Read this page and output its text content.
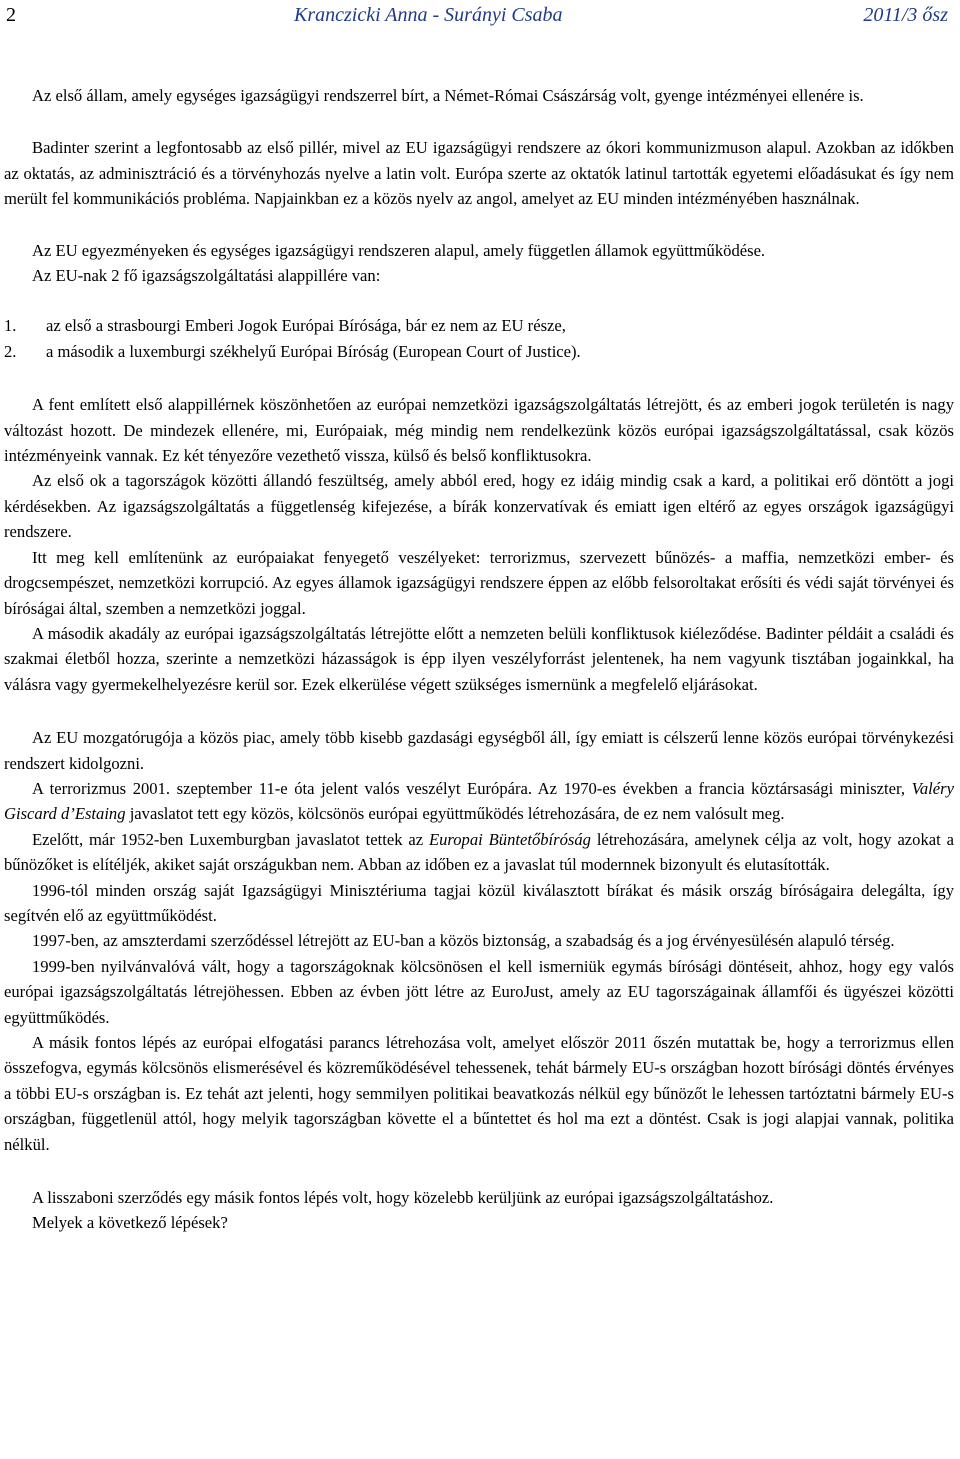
2	Kranczicki Anna - Surányi Csaba	2011/3 ősz

Az első állam, amely egységes igazságügyi rendszerrel bírt, a Német-Római Császárság volt, gyenge intézményei ellenére is.

Badinter szerint a legfontosabb az első pillér, mivel az EU igazságügyi rendszere az ókori kommunizmuson alapul. Azokban az időkben az oktatás, az adminisztráció és a törvényhozás nyelve a latin volt. Európa szerte az oktatók latinul tartották egyetemi előadásukat és így nem merült fel kommunikációs probléma. Napjainkban ez a közös nyelv az angol, amelyet az EU minden intézményében használnak.

Az EU egyezményeken és egységes igazságügyi rendszeren alapul, amely független államok együttműködése.

Az EU-nak 2 fő igazságszolgáltatási alappillére van:

1. az első a strasbourgi Emberi Jogok Európai Bírósága, bár ez nem az EU része,
2. a második a luxemburgi székhelyű Európai Bíróság (European Court of Justice).

A fent említett első alappillérnek köszönhetően az európai nemzetközi igazságszolgáltatás létrejött, és az emberi jogok területén is nagy változást hozott. De mindezek ellenére, mi, Európaiak, még mindig nem rendelkezünk közös európai igazságszolgáltatással, csak közös intézményeink vannak. Ez két tényezőre vezethető vissza, külső és belső konfliktusokra.

Az első ok a tagországok közötti állandó feszültség, amely abból ered, hogy ez idáig mindig csak a kard, a politikai erő döntött a jogi kérdésekben. Az igazságszolgáltatás a függetlenség kifejezése, a bírák konzervatívak és emiatt igen eltérő az egyes országok igazságügyi rendszere.

Itt meg kell említenünk az európaiakat fenyegető veszélyeket: terrorizmus, szervezett bűnözés- a maffia, nemzetközi ember- és drogcsempészet, nemzetközi korrupció. Az egyes államok igazságügyi rendszere éppen az előbb felsoroltakat erősíti és védi saját törvényei és bíróságai által, szemben a nemzetközi joggal.

A második akadály az európai igazságszolgáltatás létrejötte előtt a nemzeten belüli konfliktusok kiéleződése. Badinter példáit a családi és szakmai életből hozza, szerinte a nemzetközi házasságok is épp ilyen veszélyforrást jelentenek, ha nem vagyunk tisztában jogainkkal, ha válásra vagy gyermekelhelyezésre kerül sor. Ezek elkerülése végett szükséges ismernünk a megfelelő eljárásokat.

Az EU mozgatórugója a közös piac, amely több kisebb gazdasági egységből áll, így emiatt is célszerű lenne közös európai törvénykezési rendszert kidolgozni.

A terrorizmus 2001. szeptember 11-e óta jelent valós veszélyt Európára. Az 1970-es években a francia köztársasági miniszter, Valéry Giscard d’Estaing javaslatot tett egy közös, kölcsönös európai együttműködés létrehozására, de ez nem valósult meg.

Ezelőtt, már 1952-ben Luxemburgban javaslatot tettek az Europai Büntetőbíróság létrehozására, amelynek célja az volt, hogy azokat a bűnözőket is elítéljék, akiket saját országukban nem. Abban az időben ez a javaslat túl modernnek bizonyult és elutasították.

1996-tól minden ország saját Igazságügyi Minisztériuma tagjai közül kiválasztott bírákat és másik ország bíróságaira delegálta, így segítvén elő az együttműködést.

1997-ben, az amszterdami szerződéssel létrejött az EU-ban a közös biztonság, a szabadság és a jog érvényesülésén alapuló térség.

1999-ben nyilvánvalóvá vált, hogy a tagországoknak kölcsönösen el kell ismerniük egymás bírósági döntéseit, ahhoz, hogy egy valós európai igazságszolgáltatás létrejöhessen. Ebben az évben jött létre az EuroJust, amely az EU tagországainak államfői és ügyészei közötti együttműködés.

A másik fontos lépés az európai elfogatási parancs létrehozása volt, amelyet először 2011 őszén mutattak be, hogy a terrorizmus ellen összefogva, egymás kölcsönös elismerésével és közreműködésével tehessenek, tehát bármely EU-s országban hozott bírósági döntés érvényes a többi EU-s országban is. Ez tehát azt jelenti, hogy semmilyen politikai beavatkozás nélkül egy bűnözőt le lehessen tartóztatni bármely EU-s országban, függetlenül attól, hogy melyik tagországban követte el a bűntettet és hol ma ezt a döntést. Csak is jogi alapjai vannak, politika nélkül.

A lisszaboni szerződés egy másik fontos lépés volt, hogy közelebb kerüljünk az európai igazságszolgáltatáshoz.

Melyek a következő lépések?
